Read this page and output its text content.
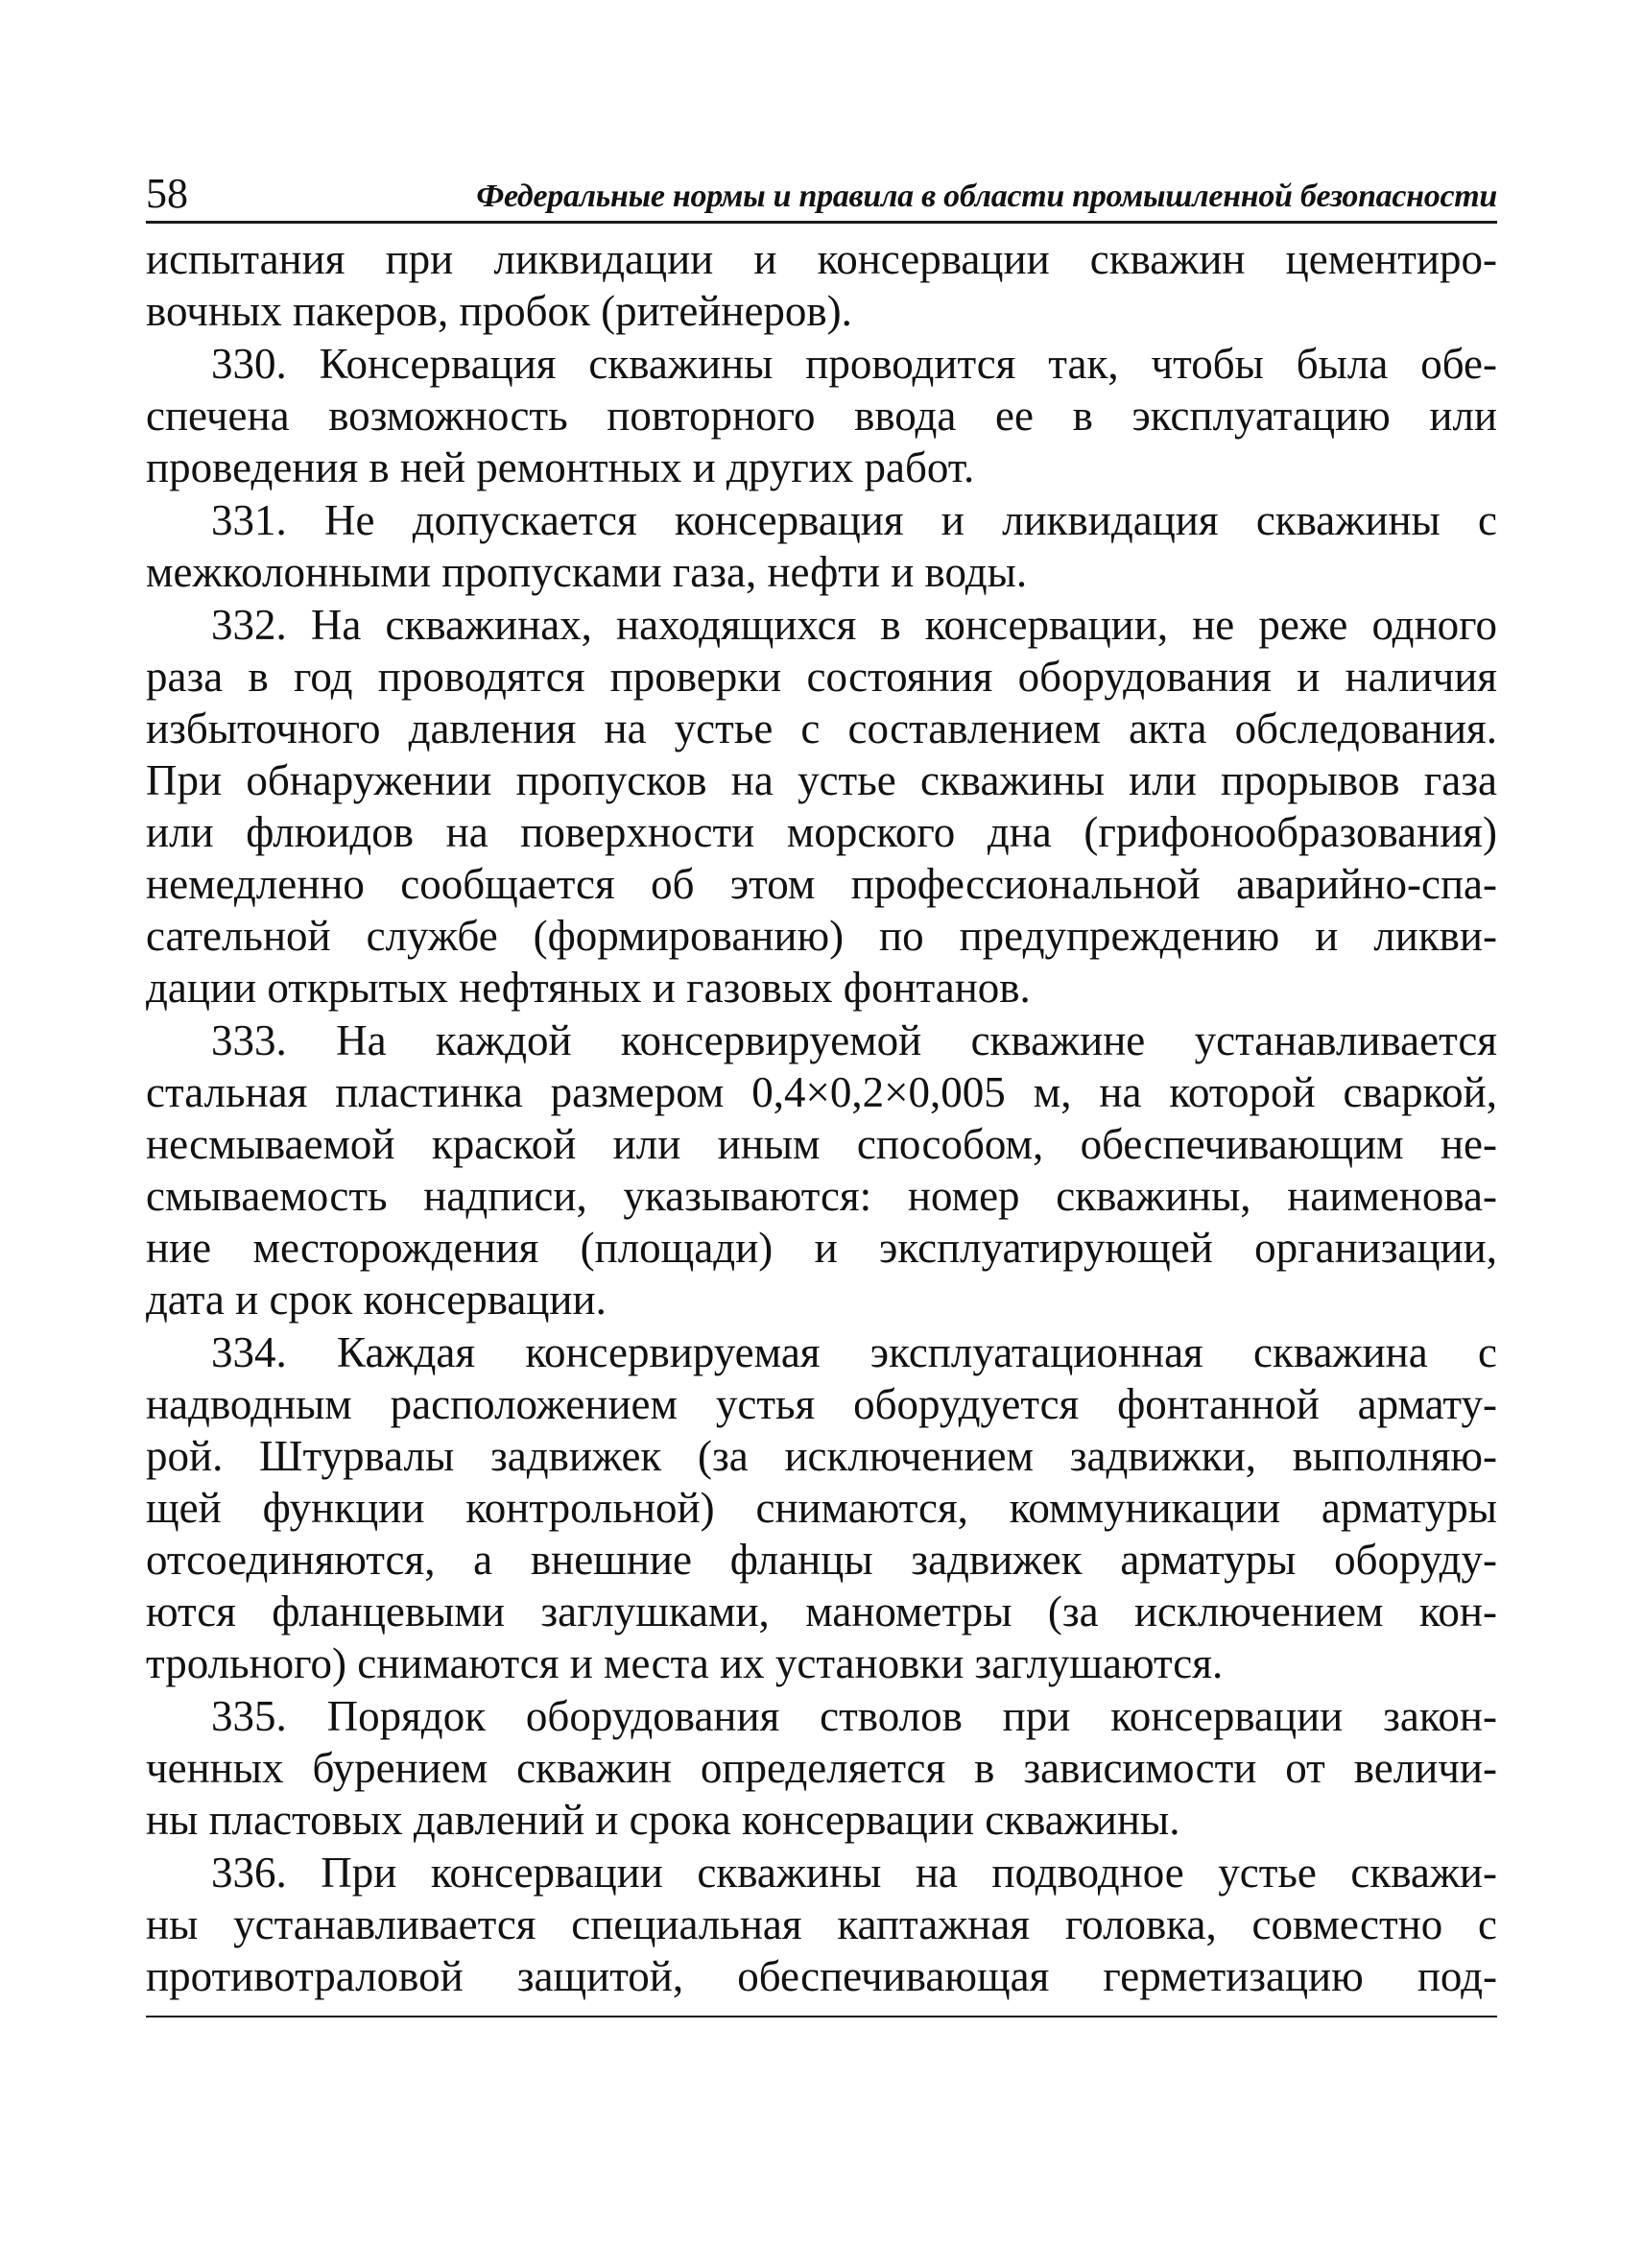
58	Федеральные нормы и правила в области промышленной безопасности
испытания при ликвидации и консервации скважин цементиро-
вочных пакеров, пробок (ритейнеров).
330. Консервация скважины проводится так, чтобы была обе-
спечена возможность повторного ввода ее в эксплуатацию или
проведения в ней ремонтных и других работ.
331. Не допускается консервация и ликвидация скважины с
межколонными пропусками газа, нефти и воды.
332. На скважинах, находящихся в консервации, не реже одного
раза в год проводятся проверки состояния оборудования и наличия
избыточного давления на устье с составлением акта обследования.
При обнаружении пропусков на устье скважины или прорывов газа
или флюидов на поверхности морского дна (грифонообразования)
немедленно сообщается об этом профессиональной аварийно-спа-
сательной службе (формированию) по предупреждению и ликви-
дации открытых нефтяных и газовых фонтанов.
333. На каждой консервируемой скважине устанавливается
стальная пластинка размером 0,4×0,2×0,005 м, на которой сваркой,
несмываемой краской или иным способом, обеспечивающим не-
смываемость надписи, указываются: номер скважины, наименова-
ние месторождения (площади) и эксплуатирующей организации,
дата и срок консервации.
334. Каждая консервируемая эксплуатационная скважина с
надводным расположением устья оборудуется фонтанной армату-
рой. Штурвалы задвижек (за исключением задвижки, выполняю-
щей функции контрольной) снимаются, коммуникации арматуры
отсоединяются, а внешние фланцы задвижек арматуры оборуду-
ются фланцевыми заглушками, манометры (за исключением кон-
трольного) снимаются и места их установки заглушаются.
335. Порядок оборудования стволов при консервации закон-
ченных бурением скважин определяется в зависимости от величи-
ны пластовых давлений и срока консервации скважины.
336. При консервации скважины на подводное устье скважи-
ны устанавливается специальная каптажная головка, совместно с
противотраловой защитой, обеспечивающая герметизацию под-
